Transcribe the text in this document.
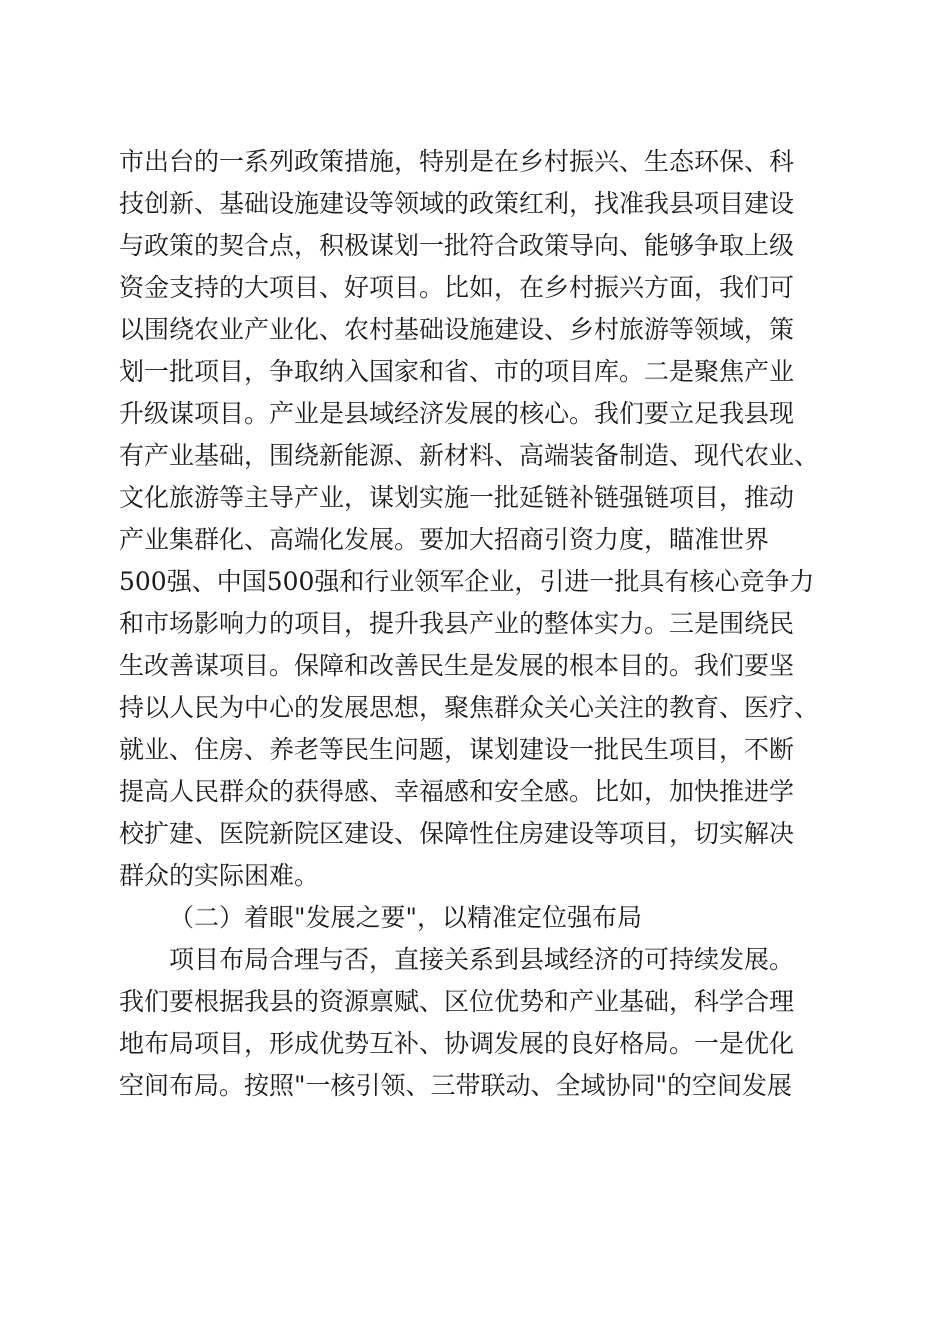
市出台的一系列政策措施，特别是在乡村振兴、生态环保、科
技创新、基础设施建设等领域的政策红利，找准我县项目建设
与政策的契合点，积极谋划一批符合政策导向、能够争取上级
资金支持的大项目、好项目。比如，在乡村振兴方面，我们可
以围绕农业产业化、农村基础设施建设、乡村旅游等领域，策
划一批项目，争取纳入国家和省、市的项目库。二是聚焦产业
升级谋项目。产业是县域经济发展的核心。我们要立足我县现
有产业基础，围绕新能源、新材料、高端装备制造、现代农业、
文化旅游等主导产业，谋划实施一批延链补链强链项目，推动
产业集群化、高端化发展。要加大招商引资力度，瞄准世界
500强、中国500强和行业领军企业，引进一批具有核心竞争力
和市场影响力的项目，提升我县产业的整体实力。三是围绕民
生改善谋项目。保障和改善民生是发展的根本目的。我们要坚
持以人民为中心的发展思想，聚焦群众关心关注的教育、医疗、
就业、住房、养老等民生问题，谋划建设一批民生项目，不断
提高人民群众的获得感、幸福感和安全感。比如，加快推进学
校扩建、医院新院区建设、保障性住房建设等项目，切实解决
群众的实际困难。
（二）着眼"发展之要"，以精准定位强布局
项目布局合理与否，直接关系到县域经济的可持续发展。
我们要根据我县的资源禀赋、区位优势和产业基础，科学合理
地布局项目，形成优势互补、协调发展的良好格局。一是优化
空间布局。按照"一核引领、三带联动、全域协同"的空间发展
